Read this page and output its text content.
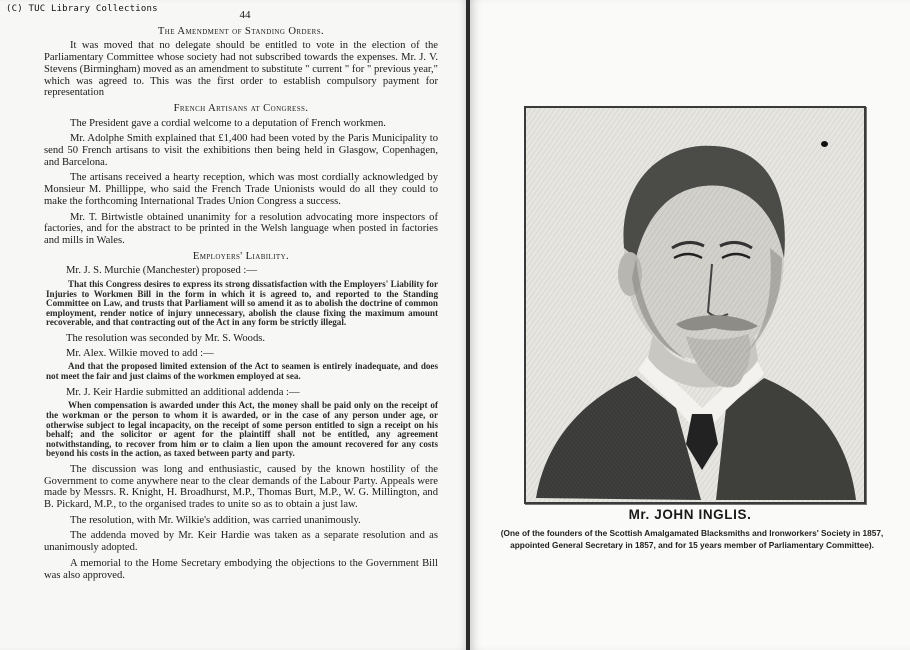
(C) TUC Library Collections	44
The Amendment of Standing Orders.

It was moved that no delegate should be entitled to vote in the election of the Parliamentary Committee whose society had not subscribed towards the expenses. Mr. J. V. Stevens (Birmingham) moved as an amendment to substitute " current " for " previous year," which was agreed to. This was the first order to establish compulsory payment for representation

French Artisans at Congress.

The President gave a cordial welcome to a deputation of French workmen.

Mr. Adolphe Smith explained that £1,400 had been voted by the Paris Municipality to send 50 French artisans to visit the exhibitions then being held in Glasgow, Copenhagen, and Barcelona.

The artisans received a hearty reception, which was most cordially acknowledged by Monsieur M. Phillippe, who said the French Trade Unionists would do all they could to make the forthcoming International Trades Union Congress a success.

Mr. T. Birtwistle obtained unanimity for a resolution advocating more inspectors of factories, and for the abstract to be printed in the Welsh language when posted in factories and mills in Wales.

Employers' Liability.

Mr. J. S. Murchie (Manchester) proposed :—

That this Congress desires to express its strong dissatisfaction with the Employers' Liability for Injuries to Workmen Bill in the form in which it is agreed to, and reported to the Standing Committee on Law, and trusts that Parliament will so amend it as to abolish the doctrine of common employment, render notice of injury unnecessary, abolish the clause fixing the maximum amount recoverable, and that contracting out of the Act in any form be strictly illegal.

The resolution was seconded by Mr. S. Woods.

Mr. Alex. Wilkie moved to add :—

And that the proposed limited extension of the Act to seamen is entirely inadequate, and does not meet the fair and just claims of the workmen employed at sea.

Mr. J. Keir Hardie submitted an additional addenda :—

When compensation is awarded under this Act, the money shall be paid only on the receipt of the workman or the person to whom it is awarded, or in the case of any person under age, or otherwise subject to legal incapacity, on the receipt of some person entitled to sign a receipt on his behalf; and the solicitor or agent for the plaintiff shall not be entitled, any agreement notwithstanding, to recover from him or to claim a lien upon the amount recovered for any costs beyond his costs in the action, as taxed between party and party.

The discussion was long and enthusiastic, caused by the known hostility of the Government to come anywhere near to the clear demands of the Labour Party. Appeals were made by Messrs. R. Knight, H. Broadhurst, M.P., Thomas Burt, M.P., W. G. Millington, and B. Pickard, M.P., to the organised trades to unite so as to obtain a just law.

The resolution, with Mr. Wilkie's addition, was carried unanimously.

The addenda moved by Mr. Keir Hardie was taken as a separate resolution and as unanimously adopted.

A memorial to the Home Secretary embodying the objections to the Government Bill was also approved.

Mr. JOHN INGLIS.
(One of the founders of the Scottish Amalgamated Blacksmiths and Ironworkers' Society in 1857, appointed General Secretary in 1857, and for 15 years member of Parliamentary Committee).
